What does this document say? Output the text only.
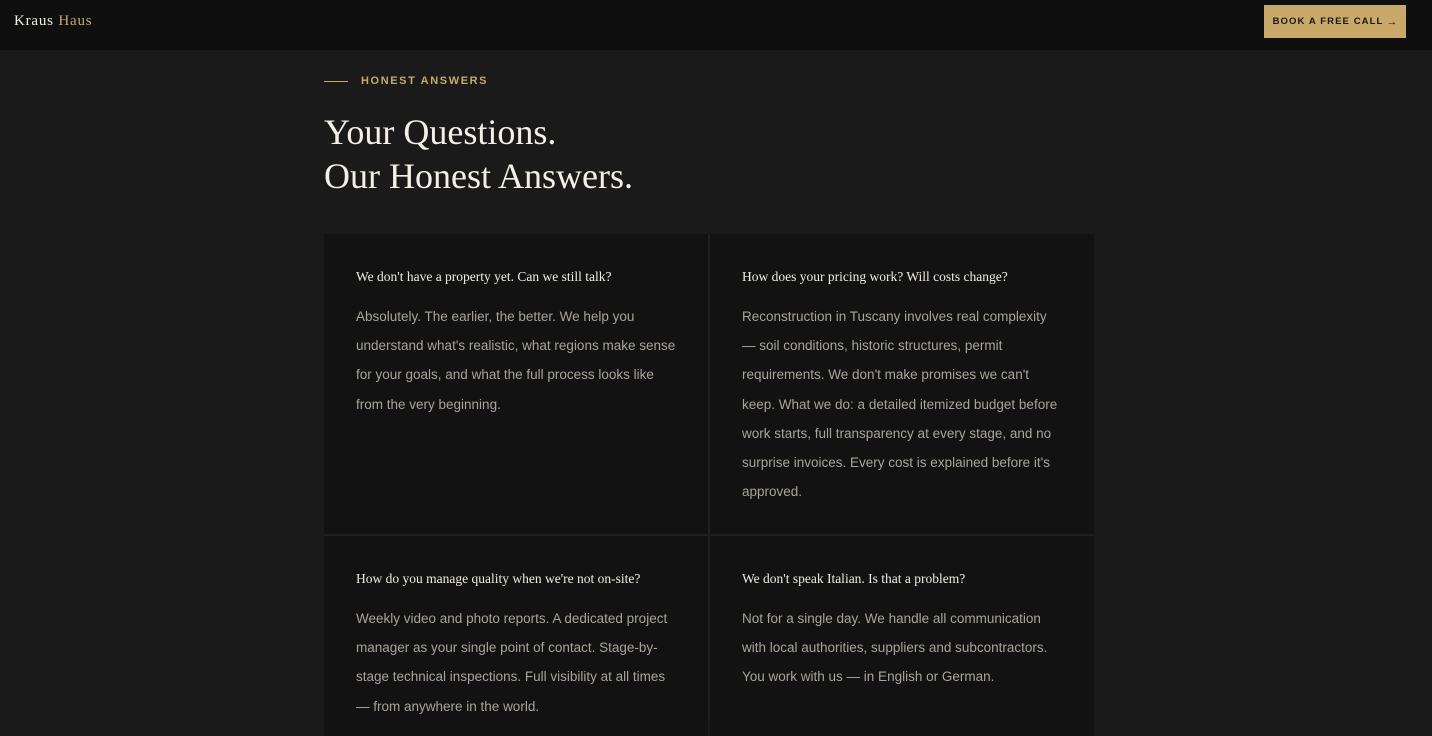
Kraus Haus	BOOK A FREE CALL →
HONEST ANSWERS
Your Questions.
Our Honest Answers.
We don't have a property yet. Can we still talk?

Absolutely. The earlier, the better. We help you understand what's realistic, what regions make sense for your goals, and what the full process looks like from the very beginning.

How does your pricing work? Will costs change?

Reconstruction in Tuscany involves real complexity — soil conditions, historic structures, permit requirements. We don't make promises we can't keep. What we do: a detailed itemized budget before work starts, full transparency at every stage, and no surprise invoices. Every cost is explained before it's approved.

How do you manage quality when we're not on-site?

Weekly video and photo reports. A dedicated project manager as your single point of contact. Stage-by-stage technical inspections. Full visibility at all times — from anywhere in the world.

We don't speak Italian. Is that a problem?

Not for a single day. We handle all communication with local authorities, suppliers and subcontractors. You work with us — in English or German.
